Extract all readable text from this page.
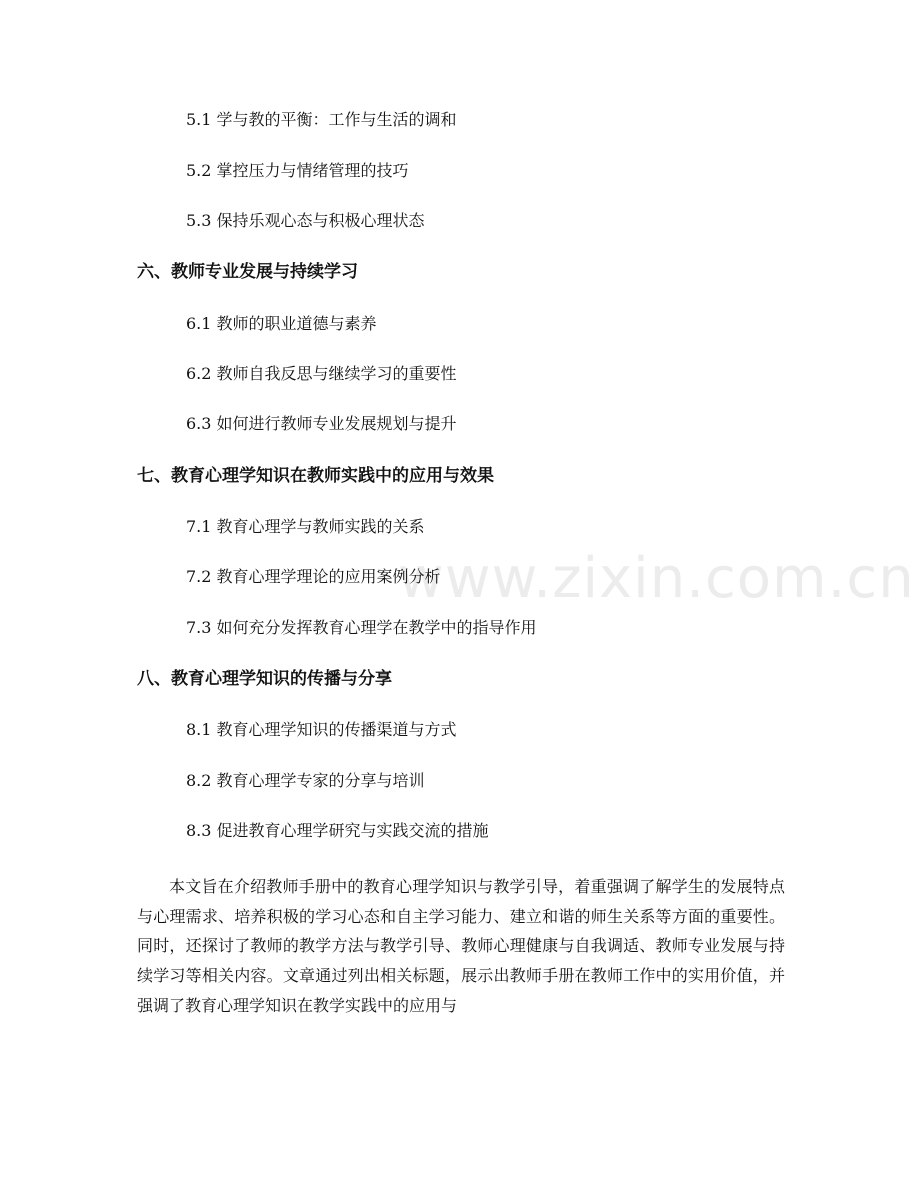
www.zixin.com.cn
5.1 学与教的平衡：工作与生活的调和
5.2 掌控压力与情绪管理的技巧
5.3 保持乐观心态与积极心理状态
六、教师专业发展与持续学习
6.1 教师的职业道德与素养
6.2 教师自我反思与继续学习的重要性
6.3 如何进行教师专业发展规划与提升
七、教育心理学知识在教师实践中的应用与效果
7.1 教育心理学与教师实践的关系
7.2 教育心理学理论的应用案例分析
7.3 如何充分发挥教育心理学在教学中的指导作用
八、教育心理学知识的传播与分享
8.1 教育心理学知识的传播渠道与方式
8.2 教育心理学专家的分享与培训
8.3 促进教育心理学研究与实践交流的措施

本文旨在介绍教师手册中的教育心理学知识与教学引导，着重强调了解学生的发展特点与心理需求、培养积极的学习心态和自主学习能力、建立和谐的师生关系等方面的重要性。同时，还探讨了教师的教学方法与教学引导、教师心理健康与自我调适、教师专业发展与持续学习等相关内容。文章通过列出相关标题，展示出教师手册在教师工作中的实用价值，并强调了教育心理学知识在教学实践中的应用与
